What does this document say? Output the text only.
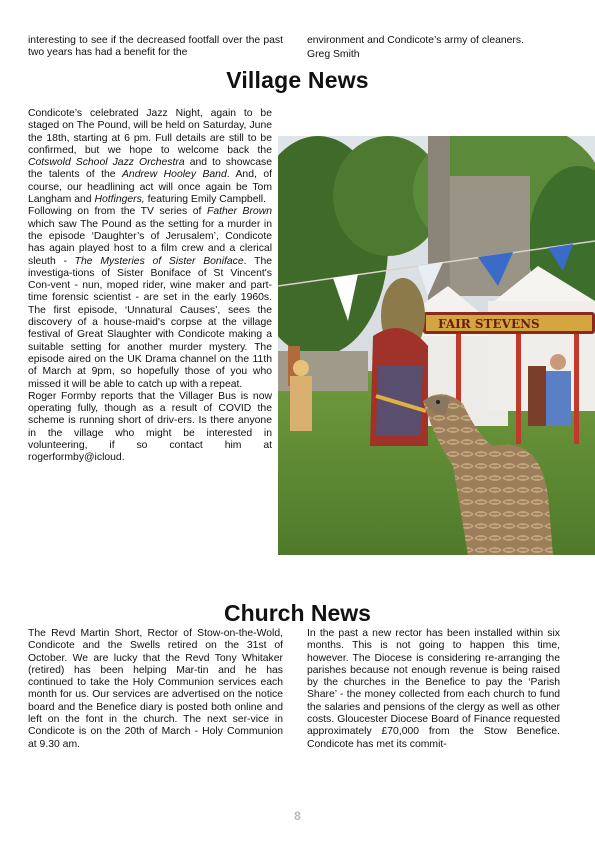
interesting to see if the decreased footfall over the past two years has had a benefit for the
environment and Condicote’s army of cleaners.
Greg Smith
Village News

Condicote’s celebrated Jazz Night, again to be staged on The Pound, will be held on Saturday, June the 18th, starting at 6 pm. Full details are still to be confirmed, but we hope to welcome back the Cotswold School Jazz Orchestra and to showcase the talents of the Andrew Hooley Band. And, of course, our headlining act will once again be Tom Langham and Hotfingers, featuring Emily Campbell.

Following on from the TV series of Father Brown which saw The Pound as the setting for a murder in the episode ‘Daughter’s of Jerusalem’, Condicote has again played host to a film crew and a clerical sleuth - The Mysteries of Sister Boniface. The investiga-tions of Sister Boniface of St Vincent's Con-vent - nun, moped rider, wine maker and part-time forensic scientist - are set in the early 1960s. The first episode, ‘Unnatural Causes’, sees the discovery of a house-maid's corpse at the village festival of Great Slaughter with Condicote making a suitable setting for another murder mystery. The episode aired on the UK Drama channel on the 11th of March at 9pm, so hopefully those of you who missed it will be able to catch up with a repeat.

Roger Formby reports that the Villager Bus is now operating fully, though as a result of COVID the scheme is running short of driv-ers. Is there anyone in the village who might be interested in volunteering, if so contact him at rogerformby@icloud.

FAIR STEVENS
Church News

The Revd Martin Short, Rector of Stow-on-the-Wold, Condicote and the Swells retired on the 31st of October. We are lucky that the Revd Tony Whitaker (retired) has been helping Mar-tin and he has continued to take the Holy Communion services each month for us. Our services are advertised on the notice board and the Benefice diary is posted both online and left on the font in the church. The next ser-vice in Condicote is on the 20th of March - Holy Communion at 9.30 am.

In the past a new rector has been installed within six months. This is not going to happen this time, however. The Diocese is considering re-arranging the parishes because not enough revenue is being raised by the churches in the Benefice to pay the ‘Parish Share’ - the money collected from each church to fund the salaries and pensions of the clergy as well as other costs. Gloucester Diocese Board of Finance requested approximately £70,000 from the Stow Benefice. Condicote has met its commit-

8
